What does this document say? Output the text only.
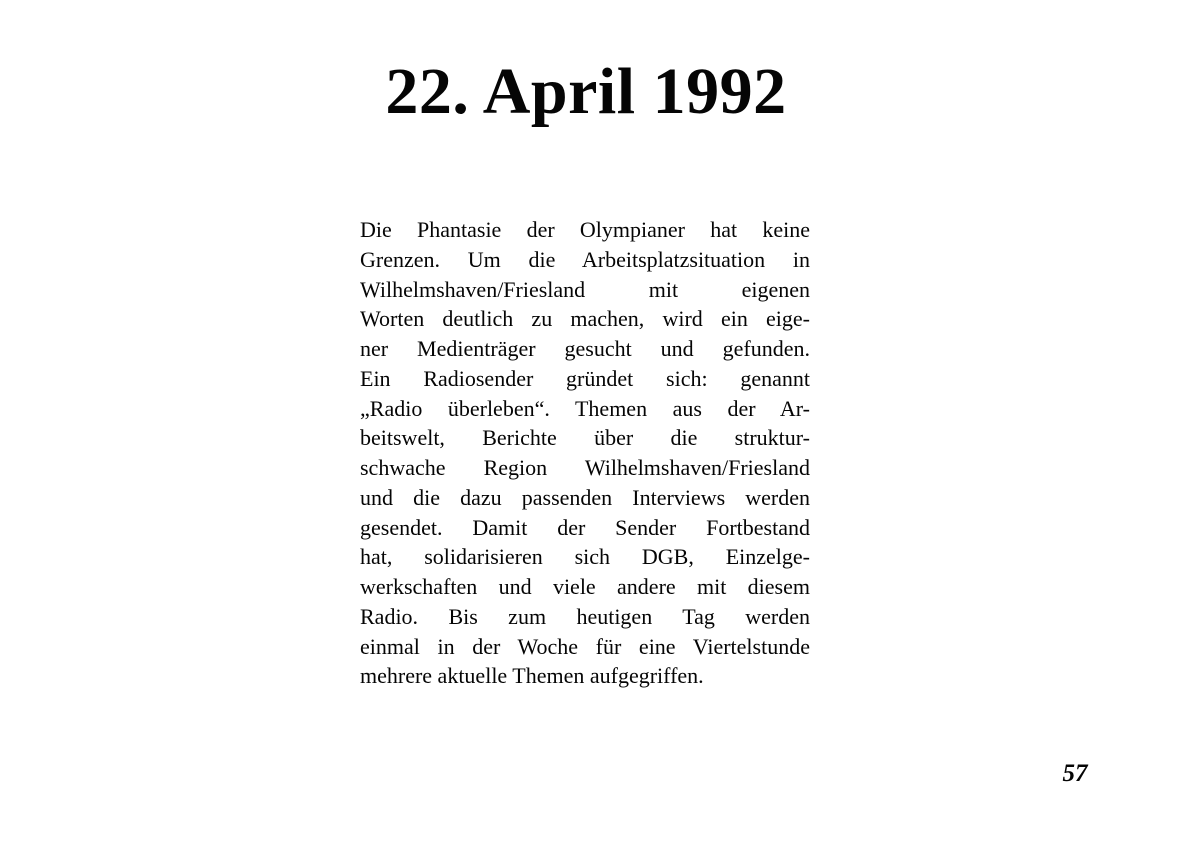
22. April 1992
Die Phantasie der Olympianer hat keine
Grenzen. Um die Arbeitsplatzsituation in
Wilhelmshaven/Friesland mit eigenen
Worten deutlich zu machen, wird ein eige-
ner Medienträger gesucht und gefunden.
Ein Radiosender gründet sich: genannt
„Radio überleben“. Themen aus der Ar-
beitswelt, Berichte über die struktur-
schwache Region Wilhelmshaven/Friesland
und die dazu passenden Interviews werden
gesendet. Damit der Sender Fortbestand
hat, solidarisieren sich DGB, Einzelge-
werkschaften und viele andere mit diesem
Radio. Bis zum heutigen Tag werden
einmal in der Woche für eine Viertelstunde
mehrere aktuelle Themen aufgegriffen.
57
